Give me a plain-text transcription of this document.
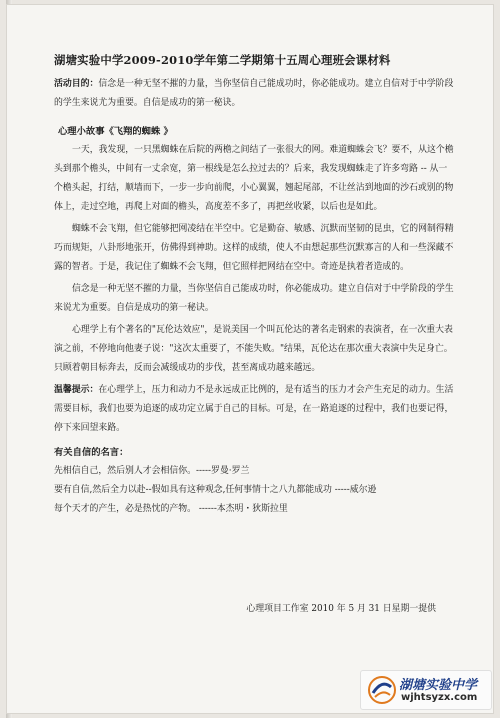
湖塘实验中学2009-2010学年第二学期第十五周心理班会课材料

活动目的：信念是一种无坚不摧的力量，当你坚信自己能成功时，你必能成功。建立自信对于中学阶段的学生来说尤为重要。自信是成功的第一秘诀。

心理小故事《飞翔的蜘蛛 》

一天，我发现，一只黑蜘蛛在后院的两檐之间结了一张很大的网。难道蜘蛛会飞？要不，从这个檐头到那个檐头，中间有一丈余宽，第一根线是怎么拉过去的？后来，我发现蜘蛛走了许多弯路 -- 从一个檐头起，打结，顺墙而下，一步一步向前爬，小心翼翼，翘起尾部，不让丝沾到地面的沙石或别的物体上，走过空地，再爬上对面的檐头，高度差不多了，再把丝收紧，以后也是如此。

蜘蛛不会飞翔，但它能够把网凌结在半空中。它是勤奋、敏感、沉默而坚韧的昆虫，它的网制得精巧而规矩，八卦形地张开，仿佛得到神助。这样的成绩，使人不由想起那些沉默寡言的人和一些深藏不露的智者。于是，我记住了蜘蛛不会飞翔，但它照样把网结在空中。奇迹是执着者造成的。

信念是一种无坚不摧的力量，当你坚信自己能成功时，你必能成功。建立自信对于中学阶段的学生来说尤为重要。自信是成功的第一秘诀。

心理学上有个著名的"瓦伦达效应"，是说美国一个叫瓦伦达的著名走钢索的表演者，在一次重大表演之前，不停地向他妻子说："这次太重要了，不能失败。"结果，瓦伦达在那次重大表演中失足身亡。只顾着朝目标奔去，反而会减缓成功的步伐，甚至离成功越来越远。

温馨提示：在心理学上，压力和动力不是永远成正比例的，是有适当的压力才会产生充足的动力。生活需要目标，我们也要为追逐的成功定立属于自己的目标。可是，在一路追逐的过程中，我们也要记得，停下来回望来路。

有关自信的名言：

先相信自己，然后别人才会相信你。-----罗曼·罗兰

要有自信,然后全力以赴--假如具有这种观念,任何事情十之八九都能成功 -----威尔逊

每个天才的产生，必是热忱的产物。 ------本杰明・狄斯拉里

心理项目工作室 2010 年 5 月 31 日星期一提供
湖塘实验中学
wjhtsyzx.com
